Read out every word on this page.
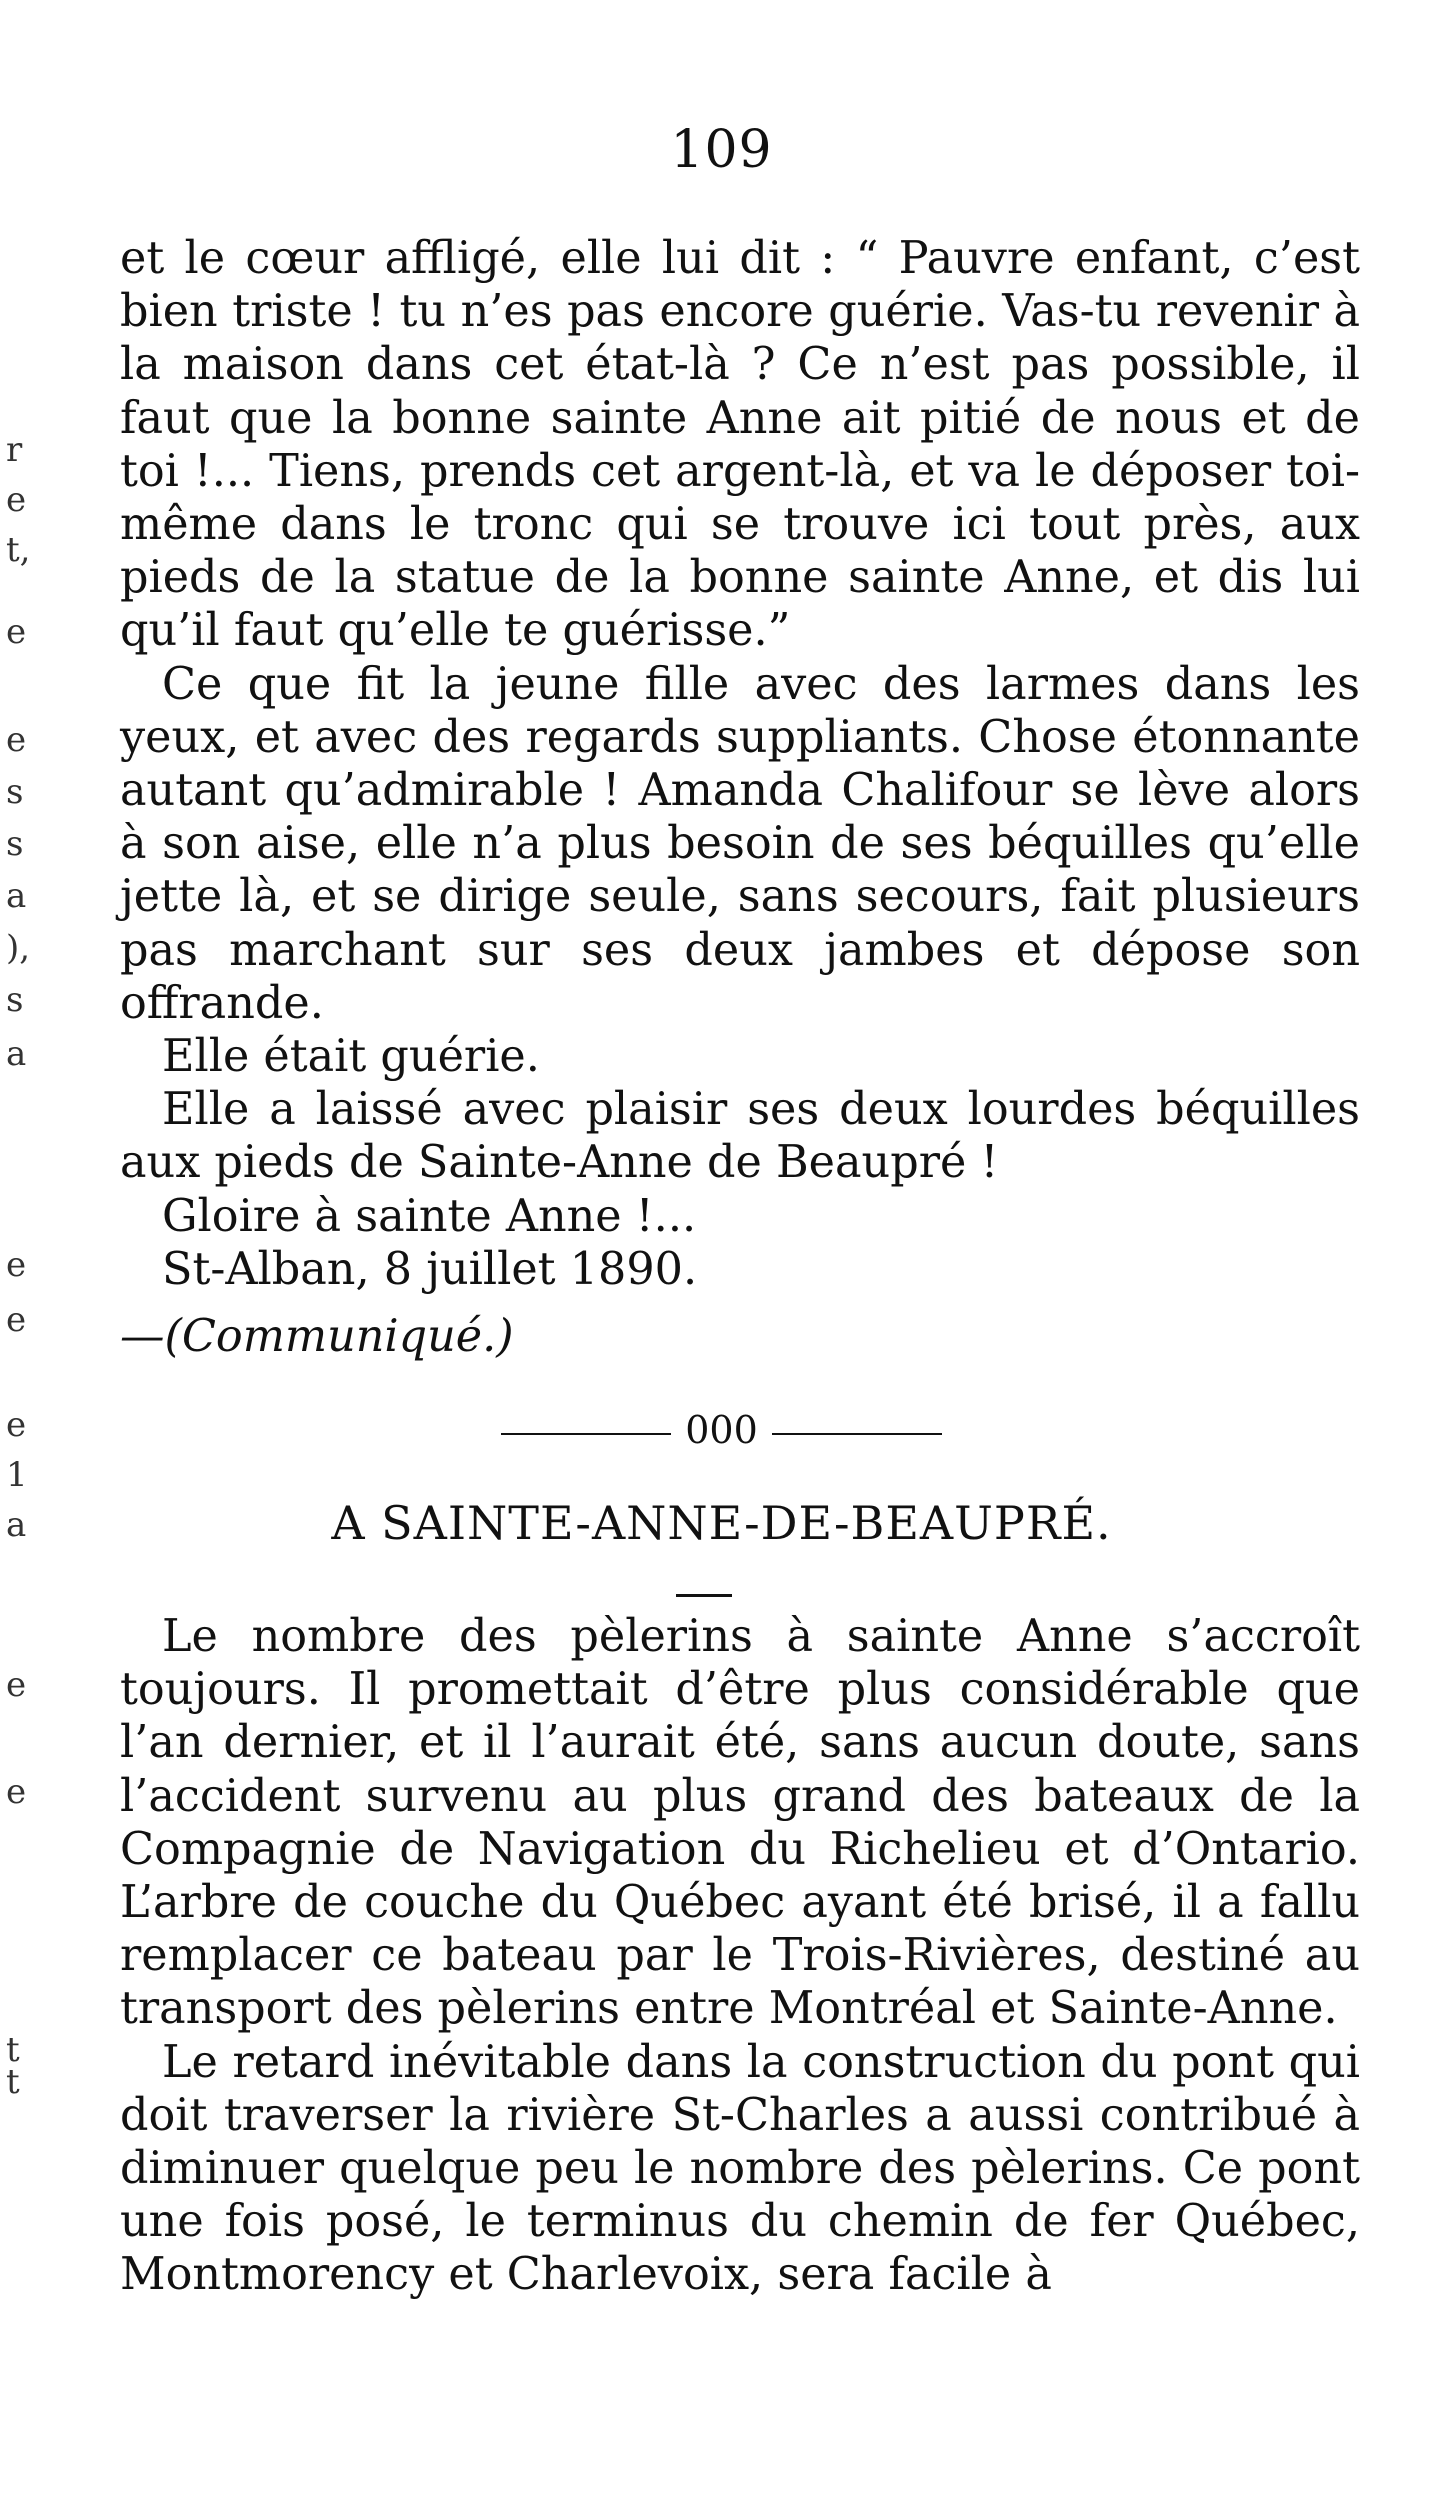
r
e
t,
e
e
s
s
a
),
s
a
e
e
e
1
a
e
e
t
t
109

et le cœur affligé, elle lui dit : “ Pauvre enfant, c’est bien triste ! tu n’es pas encore guérie. Vas-tu revenir à la maison dans cet état-là ? Ce n’est pas possible, il faut que la bonne sainte Anne ait pitié de nous et de toi !... Tiens, prends cet argent-là, et va le déposer toi-même dans le tronc qui se trouve ici tout près, aux pieds de la statue de la bonne sainte Anne, et dis lui qu’il faut qu’elle te guérisse.”

Ce que fit la jeune fille avec des larmes dans les yeux, et avec des regards suppliants. Chose étonnante autant qu’admirable ! Amanda Chalifour se lève alors à son aise, elle n’a plus besoin de ses béquilles qu’elle jette là, et se dirige seule, sans secours, fait plusieurs pas marchant sur ses deux jambes et dépose son offrande.

Elle était guérie.

Elle a laissé avec plaisir ses deux lourdes béquilles aux pieds de Sainte-Anne de Beaupré !

Gloire à sainte Anne !...

St-Alban, 8 juillet 1890.

—(Communiqué.)

000
A SAINTE-ANNE-DE-BEAUPRÉ.

Le nombre des pèlerins à sainte Anne s’accroît toujours. Il promettait d’être plus considérable que l’an dernier, et il l’aurait été, sans aucun doute, sans l’accident survenu au plus grand des bateaux de la Compagnie de Navigation du Richelieu et d’Ontario. L’arbre de couche du Québec ayant été brisé, il a fallu remplacer ce bateau par le Trois-Rivières, destiné au transport des pèlerins entre Montréal et Sainte-Anne.

Le retard inévitable dans la construction du pont qui doit traverser la rivière St-Charles a aussi contribué à diminuer quelque peu le nombre des pèlerins. Ce pont une fois posé, le terminus du chemin de fer Québec, Montmorency et Charlevoix, sera facile à
